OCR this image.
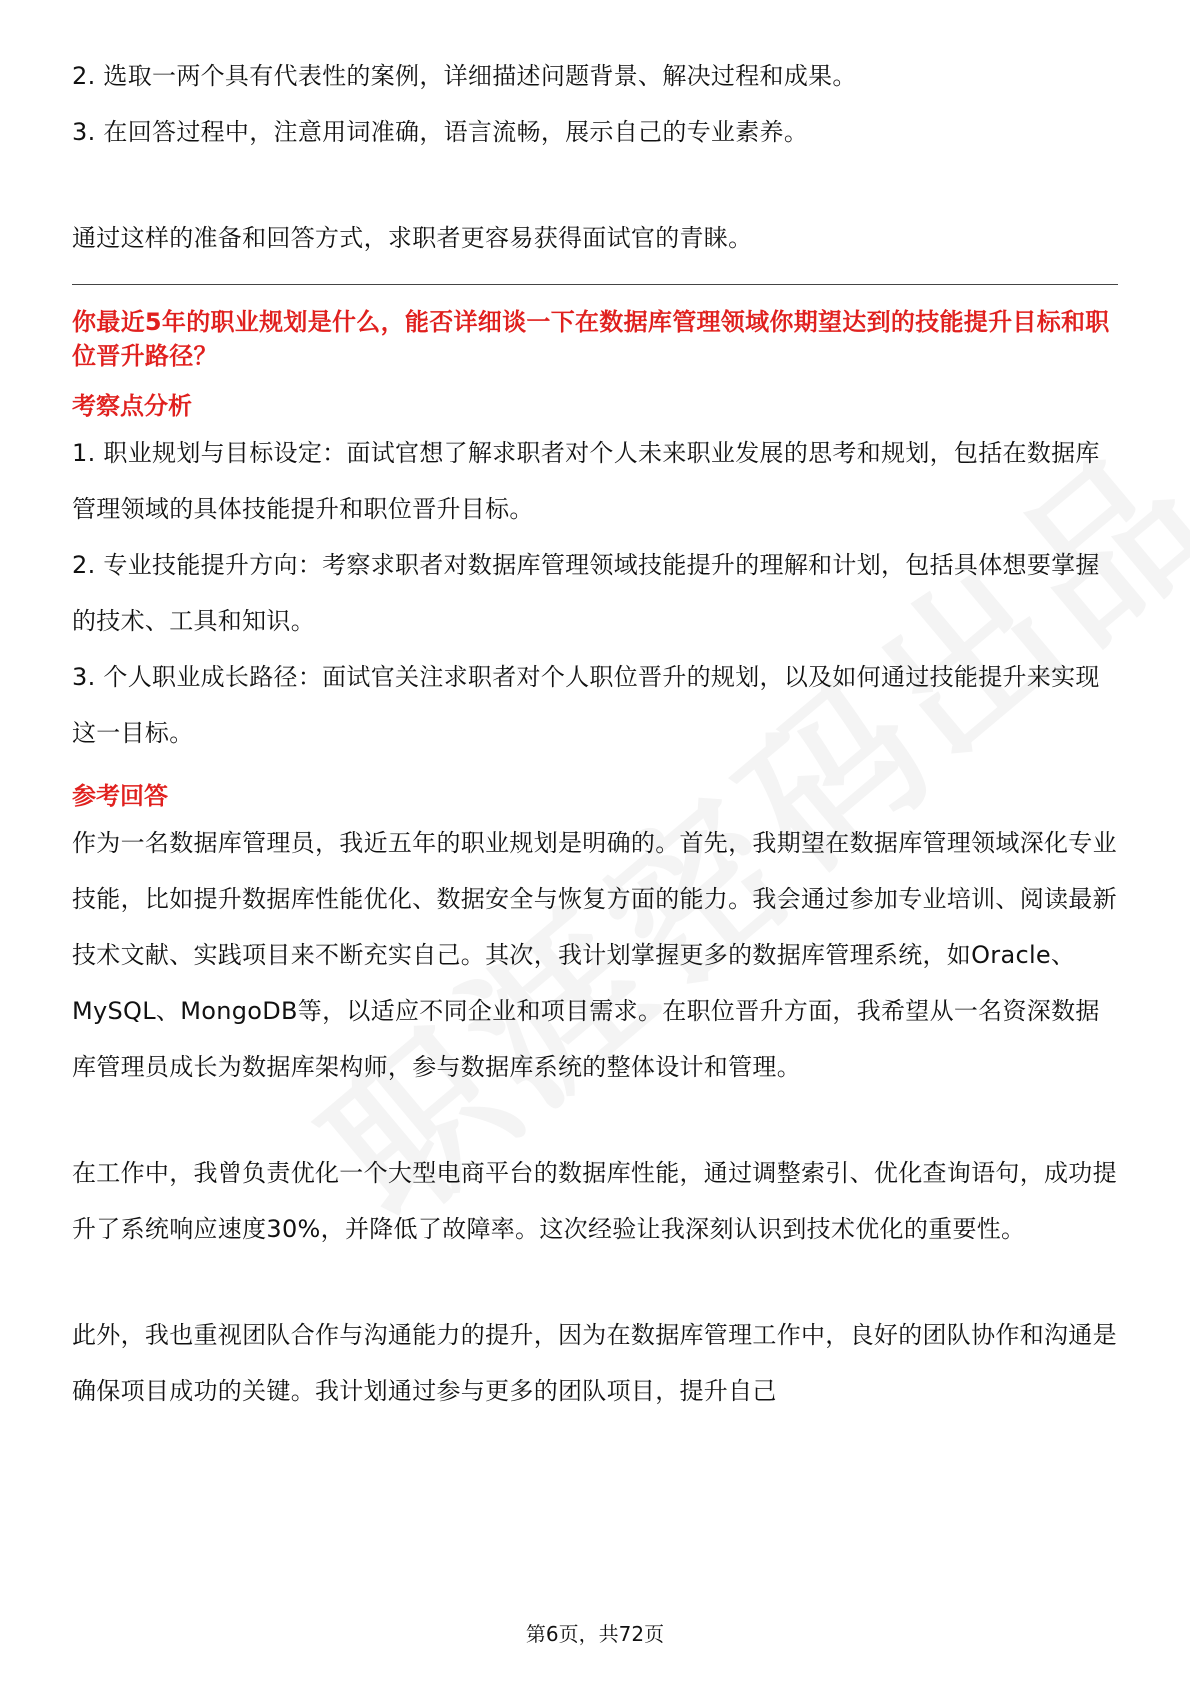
2. 选取一两个具有代表性的案例，详细描述问题背景、解决过程和成果。

3. 在回答过程中，注意用词准确，语言流畅，展示自己的专业素养。

通过这样的准备和回答方式，求职者更容易获得面试官的青睐。

你最近5年的职业规划是什么，能否详细谈一下在数据库管理领域你期望达到的技能提升目标和职位晋升路径？

考察点分析

1. 职业规划与目标设定：面试官想了解求职者对个人未来职业发展的思考和规划，包括在数据库管理领域的具体技能提升和职位晋升目标。

2. 专业技能提升方向：考察求职者对数据库管理领域技能提升的理解和计划，包括具体想要掌握的技术、工具和知识。

3. 个人职业成长路径：面试官关注求职者对个人职位晋升的规划，以及如何通过技能提升来实现这一目标。

参考回答

作为一名数据库管理员，我近五年的职业规划是明确的。首先，我期望在数据库管理领域深化专业技能，比如提升数据库性能优化、数据安全与恢复方面的能力。我会通过参加专业培训、阅读最新技术文献、实践项目来不断充实自己。其次，我计划掌握更多的数据库管理系统，如Oracle、MySQL、MongoDB等，以适应不同企业和项目需求。在职位晋升方面，我希望从一名资深数据库管理员成长为数据库架构师，参与数据库系统的整体设计和管理。

在工作中，我曾负责优化一个大型电商平台的数据库性能，通过调整索引、优化查询语句，成功提升了系统响应速度30%，并降低了故障率。这次经验让我深刻认识到技术优化的重要性。

此外，我也重视团队合作与沟通能力的提升，因为在数据库管理工作中，良好的团队协作和沟通是确保项目成功的关键。我计划通过参与更多的团队项目，提升自己

第6页，共72页
